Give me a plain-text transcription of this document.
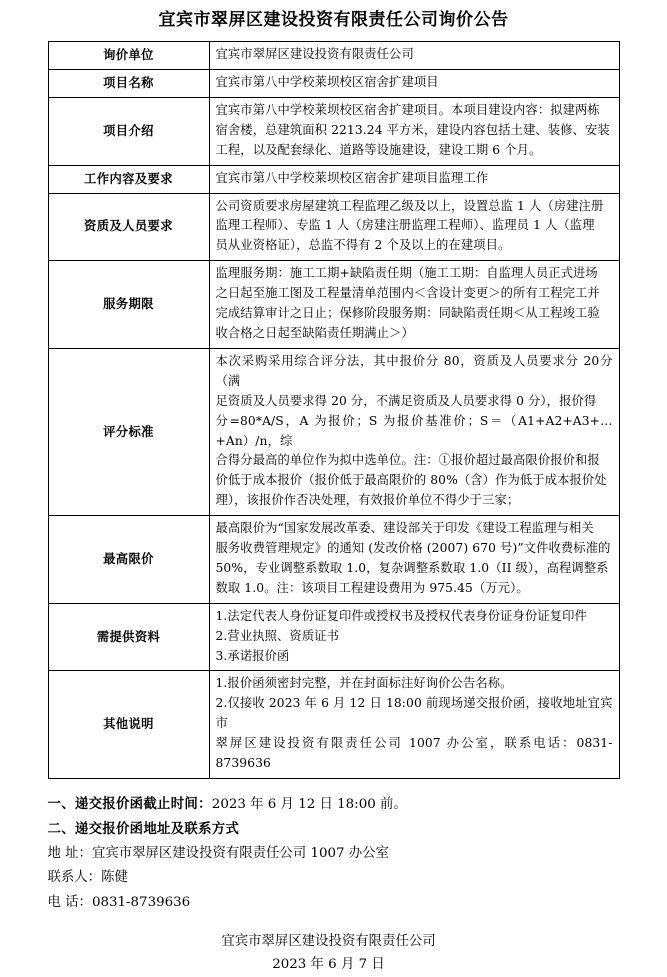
宜宾市翠屏区建设投资有限责任公司询价公告
询价单位	宜宾市翠屏区建设投资有限责任公司

项目名称	宜宾市第八中学校莱坝校区宿舍扩建项目

项目介绍	宜宾市第八中学校莱坝校区宿舍扩建项目。本项目建设内容：拟建两栋
宿舍楼，总建筑面积 2213.24 平方米，建设内容包括土建、装修、安装
工程，以及配套绿化、道路等设施建设，建设工期 6 个月。

工作内容及要求	宜宾市第八中学校莱坝校区宿舍扩建项目监理工作

资质及人员要求	公司资质要求房屋建筑工程监理乙级及以上，设置总监 1 人（房建注册
监理工程师）、专监 1 人（房建注册监理工程师）、监理员 1 人（监理
员从业资格证），总监不得有 2 个及以上的在建项目。

服务期限	监理服务期：施工工期+缺陷责任期（施工工期：自监理人员正式进场
之日起至施工图及工程量清单范围内＜含设计变更＞的所有工程完工并
完成结算审计之日止；保修阶段服务期：同缺陷责任期＜从工程竣工验
收合格之日起至缺陷责任期满止＞）

评分标准	
本次采购采用综合评分法，其中报价分 80，资质及人员要求分 20分（满
足资质及人员要求得 20 分，不满足资质及人员要求得 0 分），报价得
分=80*A/S，A 为报价；S 为报价基准价；S＝（A1+A2+A3+…+An）/n，综
合得分最高的单位作为拟中选单位。注：①报价超过最高限价报价和报
价低于成本报价（报价低于最高限价的 80%（含）作为低于成本报价处
理），该报价作否决处理，有效报价单位不得少于三家；

最高限价	最高限价为“国家发展改革委、建设部关于印发《建设工程监理与相关
服务收费管理规定》的通知 (发改价格 (2007) 670 号)”文件收费标准的
50%，专业调整系数取 1.0，复杂调整系数取 1.0（II 级），高程调整系
数取 1.0。注：该项目工程建设费用为 975.45（万元）。

需提供资料	1.法定代表人身份证复印件或授权书及授权代表身份证身份证复印件
2.营业执照、资质证书
3.承诺报价函

其他说明	1.报价函须密封完整，并在封面标注好询价公告名称。
2.仅接收 2023 年 6 月 12 日 18:00 前现场递交报价函，接收地址宜宾市
翠屏区建设投资有限责任公司 1007 办公室，联系电话：0831-8739636
一、递交报价函截止时间：2023 年 6 月 12 日 18:00 前。
二、递交报价函地址及联系方式
地 址：宜宾市翠屏区建设投资有限责任公司 1007 办公室
联系人：陈健
电 话：0831-8739636
宜宾市翠屏区建设投资有限责任公司
2023 年 6 月 7 日
